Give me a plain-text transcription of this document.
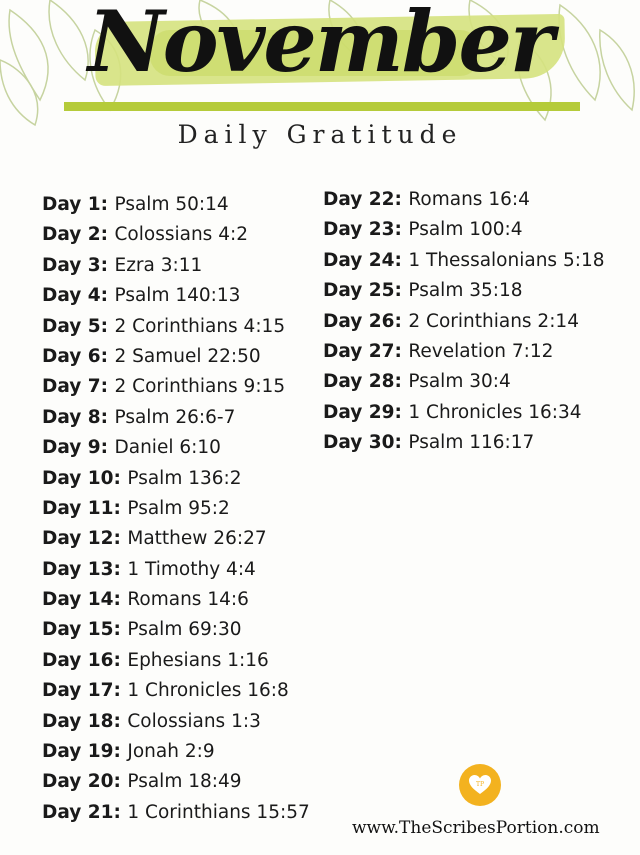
November
Daily Gratitude
Day 1: Psalm 50:14
Day 2: Colossians 4:2
Day 3: Ezra 3:11
Day 4: Psalm 140:13
Day 5: 2 Corinthians 4:15
Day 6: 2 Samuel 22:50
Day 7: 2 Corinthians 9:15
Day 8: Psalm 26:6-7
Day 9: Daniel 6:10
Day 10: Psalm 136:2
Day 11: Psalm 95:2
Day 12: Matthew 26:27
Day 13: 1 Timothy 4:4
Day 14: Romans 14:6
Day 15: Psalm 69:30
Day 16: Ephesians 1:16
Day 17: 1 Chronicles 16:8
Day 18: Colossians 1:3
Day 19: Jonah 2:9
Day 20: Psalm 18:49
Day 21: 1 Corinthians 15:57
Day 22: Romans 16:4
Day 23: Psalm 100:4
Day 24: 1 Thessalonians 5:18
Day 25: Psalm 35:18
Day 26: 2 Corinthians 2:14
Day 27: Revelation 7:12
Day 28: Psalm 30:4
Day 29: 1 Chronicles 16:34
Day 30: Psalm 116:17
TP
www.TheScribesPortion.com
